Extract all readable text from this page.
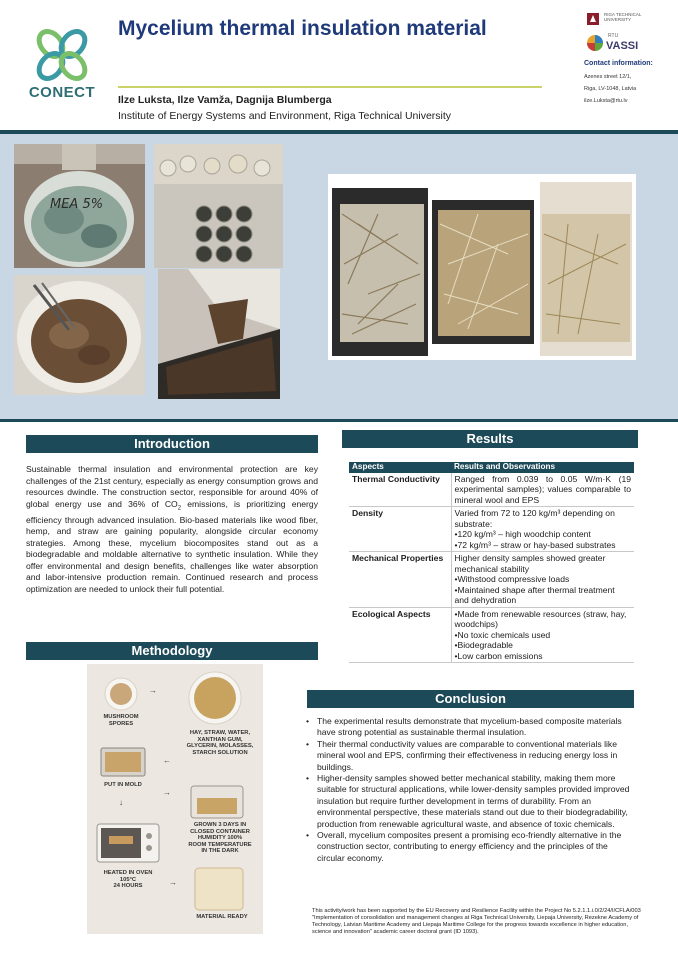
CONECT
Mycelium thermal insulation material
Ilze Luksta, Ilze Vamža, Dagnija Blumberga
Institute of Energy Systems and Environment, Riga Technical University
RIGA TECHNICAL UNIVERSITY
RTU
VASSI
Contact information:
Azenes street 12/1,
Riga, LV-1048, Latvia
ilze.Luksta@rtu.lv
MEA 5%
Introduction
Sustainable thermal insulation and environmental protection are key challenges of the 21st century, especially as energy consumption grows and resources dwindle. The construction sector, responsible for around 40% of global energy use and 36% of $CO_2$ emissions, is prioritizing energy efficiency through advanced insulation. Bio-based materials like wood fiber, hemp, and straw are gaining popularity, alongside circular economy strategies. Among these, mycelium biocomposites stand out as a biodegradable and moldable alternative to synthetic insulation. While they offer environmental and design benefits, challenges like water absorption and labor-intensive production remain. Continued research and process optimization are needed to unlock their full potential.
Methodology
MUSHROOM
SPORES
HAY, STRAW, WATER,
XANTHAN GUM,
GLYCERIN, MOLASSES,
STARCH SOLUTION
→
←
PUT IN MOLD
↓
GROWN 3 DAYS IN
CLOSED CONTAINER
HUMIDITY 100%
ROOM TEMPERATURE
IN THE DARK
→
HEATED IN OVEN
105°C
24 HOURS	→
MATERIAL READY
Results
Aspects	Results and Observations
Thermal Conductivity	Ranged from 0.039 to 0.05 W/m·K (19 experimental samples); values comparable to mineral wool and EPS

Density	Varied from 72 to 120 kg/m³ depending on substrate:
•120 kg/m³ – high woodchip content
•72 kg/m³ – straw or hay-based substrates

Mechanical Properties	Higher density samples showed greater mechanical stability
•Withstood compressive loads
•Maintained shape after thermal treatment and dehydration

Ecological Aspects	•Made from renewable resources (straw, hay, woodchips)
•No toxic chemicals used
•Biodegradable
•Low carbon emissions
Conclusion
• The experimental results demonstrate that mycelium-based composite materials have strong potential as sustainable thermal insulation.
• Their thermal conductivity values are comparable to conventional materials like mineral wool and EPS, confirming their effectiveness in reducing energy loss in buildings.
• Higher-density samples showed better mechanical stability, making them more suitable for structural applications, while lower-density samples provided improved insulation but require further development in terms of durability. From an environmental perspective, these materials stand out due to their biodegradability, production from renewable agricultural waste, and absence of toxic chemicals.
• Overall, mycelium composites present a promising eco-friendly alternative in the construction sector, contributing to energy efficiency and the principles of the circular economy.
This activity/work has been supported by the EU Recovery and Resilience Facility within the Project No 5.2.1.1.i.0/2/24/I/CFLA/003 "Implementation of consolidation and management changes at Riga Technical University, Liepaja University, Rezekne Academy of Technology, Latvian Maritime Academy and Liepaja Maritime College for the progress towards excellence in higher education, science and innovation" academic career doctoral grant (ID 1093).
